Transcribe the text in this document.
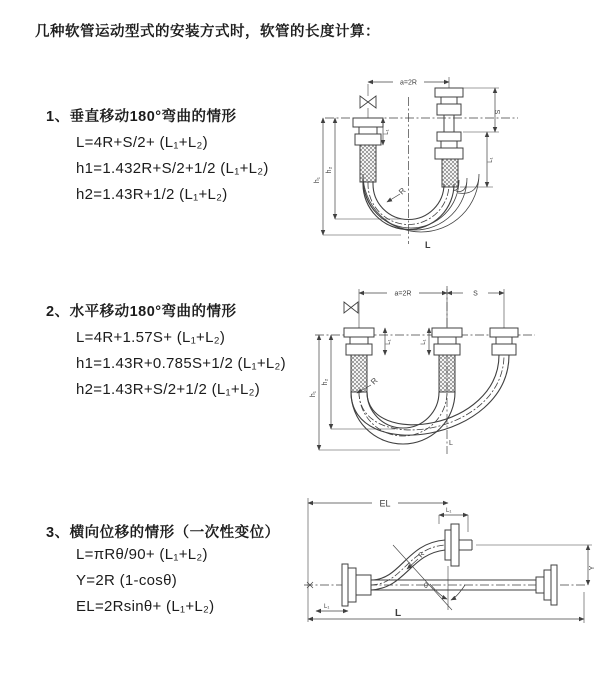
几种软管运动型式的安装方式时，软管的长度计算：
1、垂直移动180°弯曲的情形
L=4R+S/2+ (L₁+L₂)
h1=1.432R+S/2+1/2 (L₁+L₂)
h2=1.43R+1/2 (L₁+L₂)
2、水平移动180°弯曲的情形
L=4R+1.57S+ (L₁+L₂)
h1=1.43R+0.785S+1/2 (L₁+L₂)
h2=1.43R+S/2+1/2 (L₁+L₂)
3、横向位移的情形（一次性变位）
L=πRθ/90+ (L₁+L₂)
Y=2R (1-cosθ)
EL=2Rsinθ+ (L₁+L₂)
a=2R
S
L₁
L₁
h₁
h₂
R
L
a=2R	S
h₁
h₂
L₁	L₁
R
L
θ
EL
L₁
Y
R
L₁
L
